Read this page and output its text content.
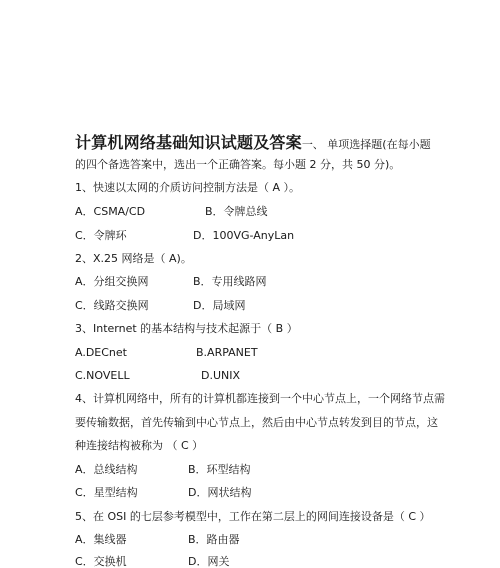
计算机网络基础知识试题及答案一、 单项选择题(在每小题
的四个备选答案中，选出一个正确答案。每小题 2 分，共 50 分)。
1、快速以太网的介质访问控制方法是（ A ）。
A．CSMA/CD	B．令牌总线
C．令牌环	D．100VG-AnyLan
2、X.25 网络是（ A)。
A．分组交换网	B．专用线路网
C．线路交换网	D．局域网
3、Internet 的基本结构与技术起源于（ B ）
A.DECnet	B.ARPANET
C.NOVELL	D.UNIX
4、计算机网络中，所有的计算机都连接到一个中心节点上，一个网络节点需
要传输数据，首先传输到中心节点上，然后由中心节点转发到目的节点，这
种连接结构被称为 （ C ）
A．总线结构	B．环型结构
C．星型结构	D．网状结构
5、在 OSI 的七层参考模型中，工作在第二层上的网间连接设备是（ C ）
A．集线器	B．路由器
C．交换机	D．网关
